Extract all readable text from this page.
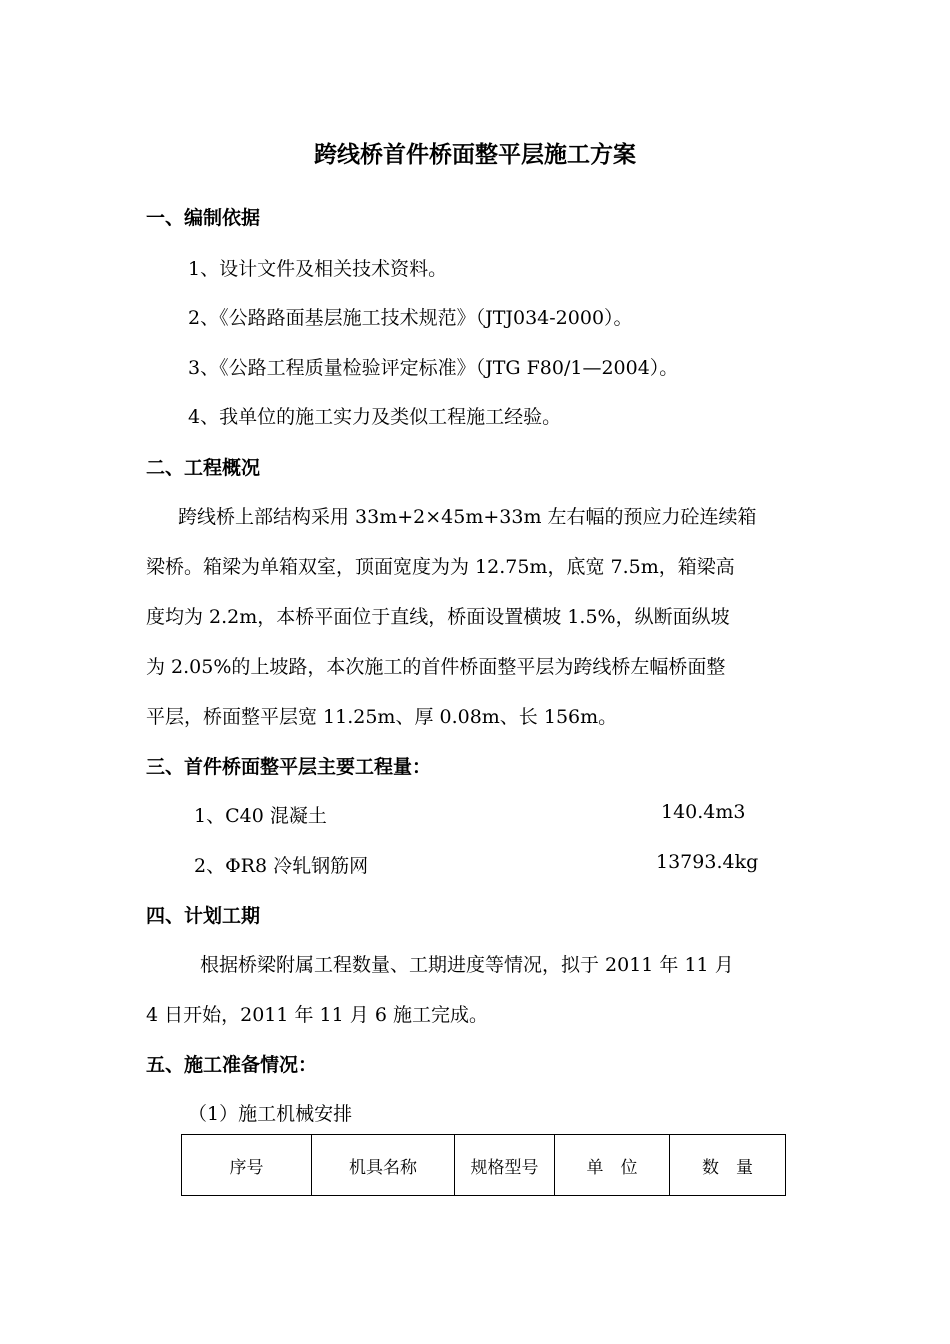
跨线桥首件桥面整平层施工方案
一、编制依据
1、设计文件及相关技术资料。
2、《公路路面基层施工技术规范》（JTJ034-2000）。
3、《公路工程质量检验评定标准》（JTG F80/1—2004）。
4、我单位的施工实力及类似工程施工经验。
二、工程概况
跨线桥上部结构采用 33m+2×45m+33m 左右幅的预应力砼连续箱
梁桥。箱梁为单箱双室，顶面宽度为为 12.75m，底宽 7.5m，箱梁高
度均为 2.2m，本桥平面位于直线，桥面设置横坡 1.5%，纵断面纵坡
为 2.05%的上坡路，本次施工的首件桥面整平层为跨线桥左幅桥面整
平层，桥面整平层宽 11.25m、厚 0.08m、长 156m。
三、首件桥面整平层主要工程量：
1、C40 混凝土	140.4m3
2、ΦR8 冷轧钢筋网	13793.4kg
四、计划工期
根据桥梁附属工程数量、工期进度等情况，拟于 2011 年 11 月
4 日开始，2011 年 11 月 6 施工完成。
五、施工准备情况：
（1）施工机械安排
序号	机具名称	规格型号	单　位	数　量
